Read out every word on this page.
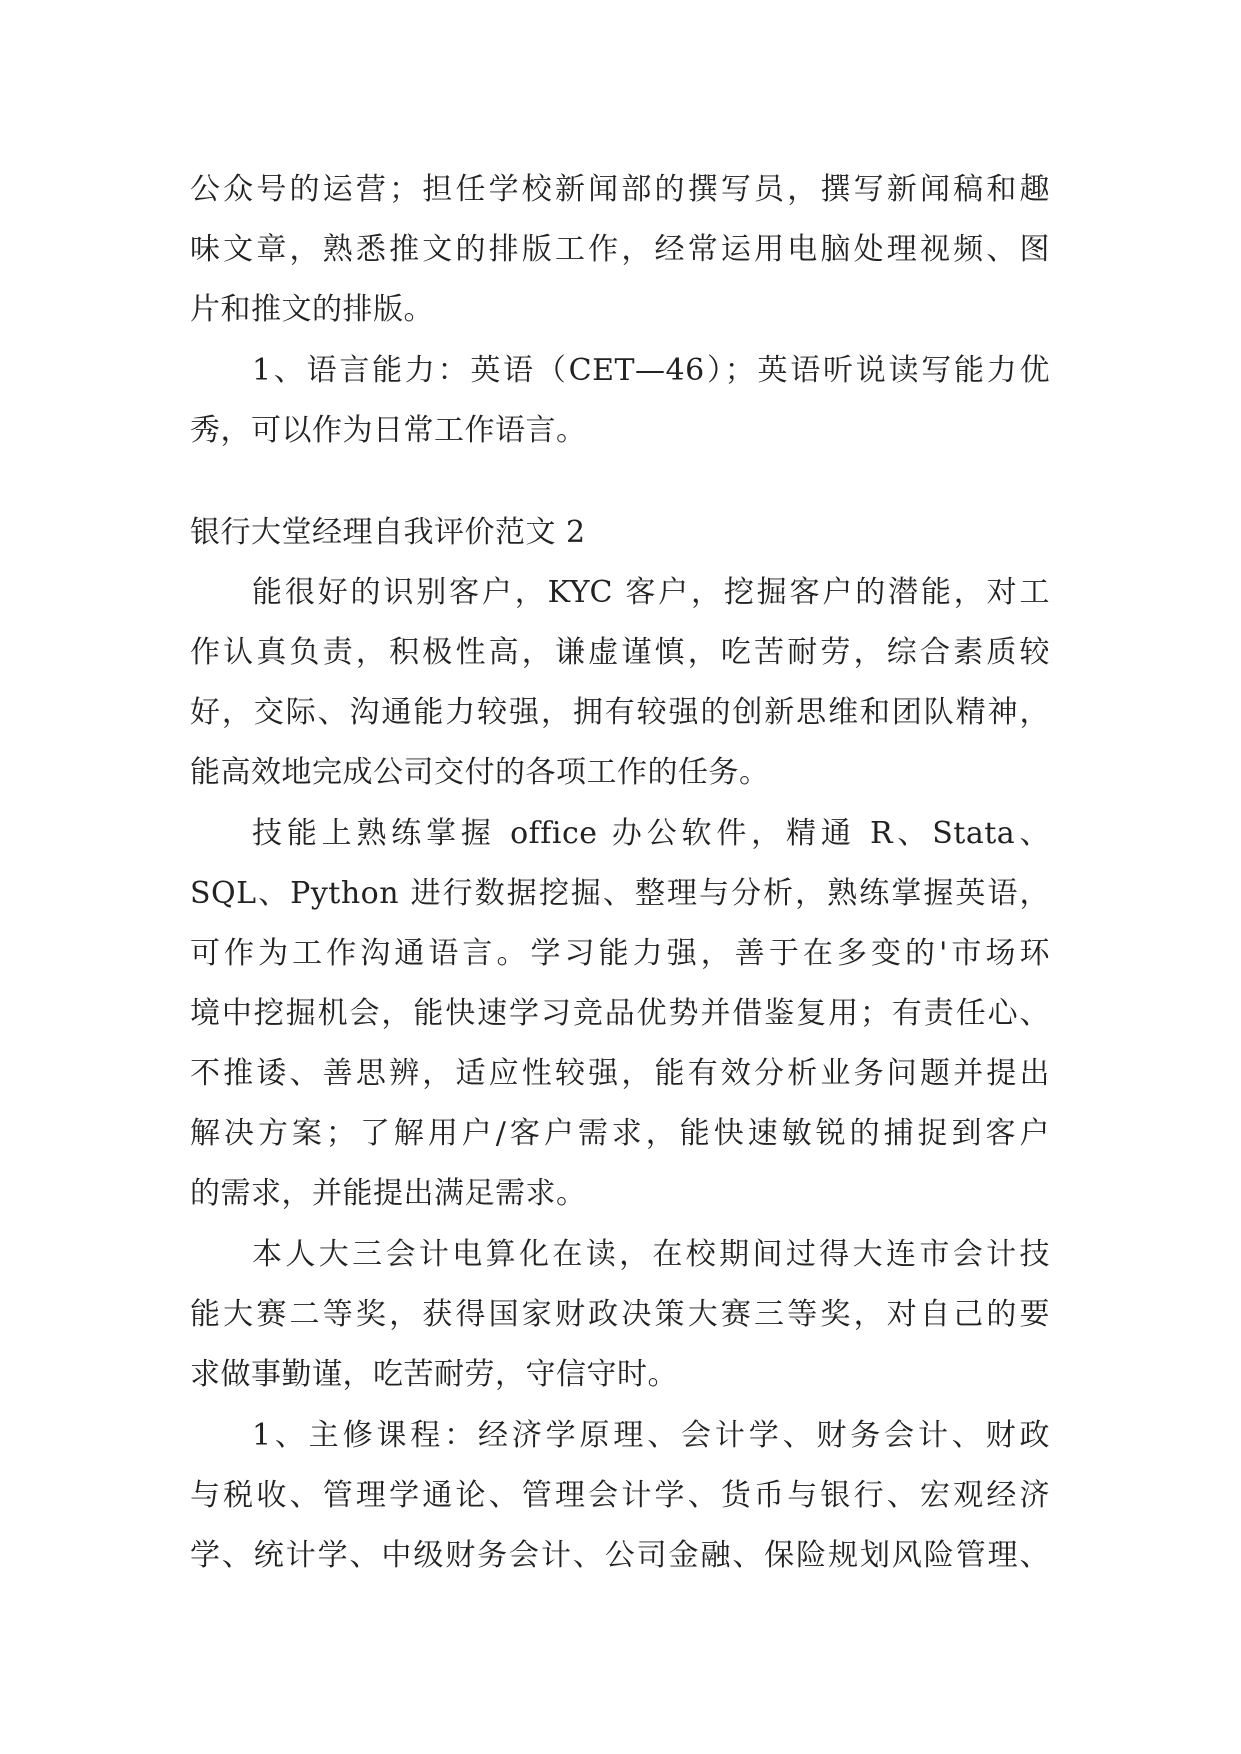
公众号的运营；担任学校新闻部的撰写员，撰写新闻稿和趣
味文章，熟悉推文的排版工作，经常运用电脑处理视频、图
片和推文的排版。
1、语言能力：英语（CET—46）；英语听说读写能力优
秀，可以作为日常工作语言。
银行大堂经理自我评价范文 2
能很好的识别客户，KYC 客户，挖掘客户的潜能，对工
作认真负责，积极性高，谦虚谨慎，吃苦耐劳，综合素质较
好，交际、沟通能力较强，拥有较强的创新思维和团队精神，
能高效地完成公司交付的各项工作的任务。
技能上熟练掌握 office 办公软件，精通 R、Stata、
SQL、Python 进行数据挖掘、整理与分析，熟练掌握英语，
可作为工作沟通语言。学习能力强，善于在多变的'市场环
境中挖掘机会，能快速学习竞品优势并借鉴复用；有责任心、
不推诿、善思辨，适应性较强，能有效分析业务问题并提出
解决方案；了解用户/客户需求，能快速敏锐的捕捉到客户
的需求，并能提出满足需求。
本人大三会计电算化在读，在校期间过得大连市会计技
能大赛二等奖，获得国家财政决策大赛三等奖，对自己的要
求做事勤谨，吃苦耐劳，守信守时。
1、主修课程：经济学原理、会计学、财务会计、财政
与税收、管理学通论、管理会计学、货币与银行、宏观经济
学、统计学、中级财务会计、公司金融、保险规划风险管理、
